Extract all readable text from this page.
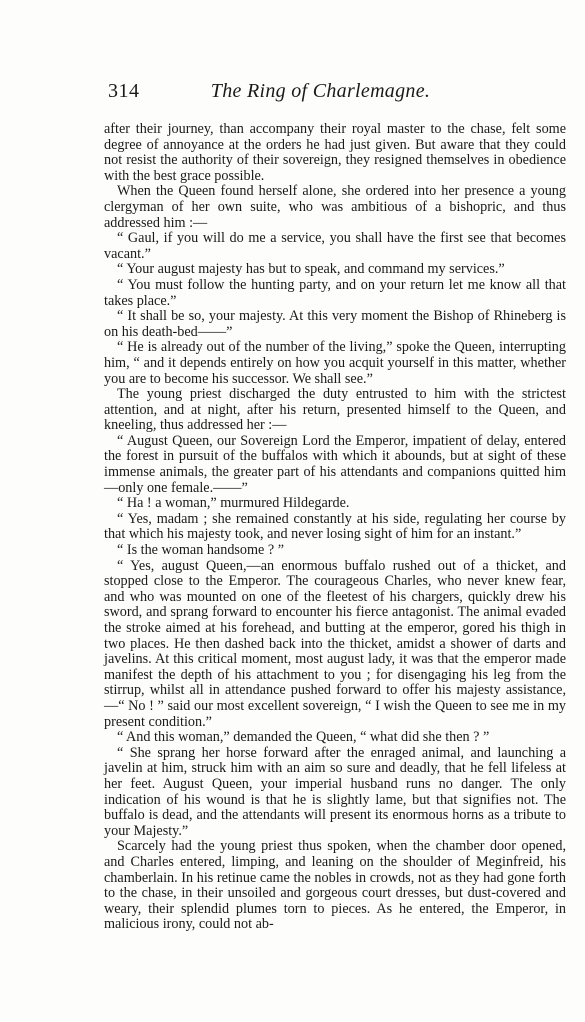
314	The Ring of Charlemagne.

after their journey, than accompany their royal master to the chase, felt some degree of annoyance at the orders he had just given. But aware that they could not resist the authority of their sovereign, they resigned themselves in obedience with the best grace possible.

When the Queen found herself alone, she ordered into her presence a young clergyman of her own suite, who was ambitious of a bishopric, and thus addressed him :—

“ Gaul, if you will do me a service, you shall have the first see that becomes vacant.”

“ Your august majesty has but to speak, and command my services.”

“ You must follow the hunting party, and on your return let me know all that takes place.”

“ It shall be so, your majesty. At this very moment the Bishop of Rhineberg is on his death-bed——”

“ He is already out of the number of the living,” spoke the Queen, interrupting him, “ and it depends entirely on how you acquit yourself in this matter, whether you are to become his successor. We shall see.”

The young priest discharged the duty entrusted to him with the strictest attention, and at night, after his return, presented himself to the Queen, and kneeling, thus addressed her :—

“ August Queen, our Sovereign Lord the Emperor, impatient of delay, entered the forest in pursuit of the buffalos with which it abounds, but at sight of these immense animals, the greater part of his attendants and companions quitted him—only one female.——”

“ Ha ! a woman,” murmured Hildegarde.

“ Yes, madam ; she remained constantly at his side, regulating her course by that which his majesty took, and never losing sight of him for an instant.”

“ Is the woman handsome ? ”

“ Yes, august Queen,—an enormous buffalo rushed out of a thicket, and stopped close to the Emperor. The courageous Charles, who never knew fear, and who was mounted on one of the fleetest of his chargers, quickly drew his sword, and sprang forward to encounter his fierce antagonist. The animal evaded the stroke aimed at his forehead, and butting at the emperor, gored his thigh in two places. He then dashed back into the thicket, amidst a shower of darts and javelins. At this critical moment, most august lady, it was that the emperor made manifest the depth of his attachment to you ; for disengaging his leg from the stirrup, whilst all in attendance pushed forward to offer his majesty assistance, —“ No ! ” said our most excellent sovereign, “ I wish the Queen to see me in my present condition.”

“ And this woman,” demanded the Queen, “ what did she then ? ”

“ She sprang her horse forward after the enraged animal, and launching a javelin at him, struck him with an aim so sure and deadly, that he fell lifeless at her feet. August Queen, your imperial husband runs no danger. The only indication of his wound is that he is slightly lame, but that signifies not. The buffalo is dead, and the attendants will present its enormous horns as a tribute to your Majesty.”

Scarcely had the young priest thus spoken, when the chamber door opened, and Charles entered, limping, and leaning on the shoulder of Meginfreid, his chamberlain. In his retinue came the nobles in crowds, not as they had gone forth to the chase, in their unsoiled and gorgeous court dresses, but dust-covered and weary, their splendid plumes torn to pieces. As he entered, the Emperor, in malicious irony, could not ab-
